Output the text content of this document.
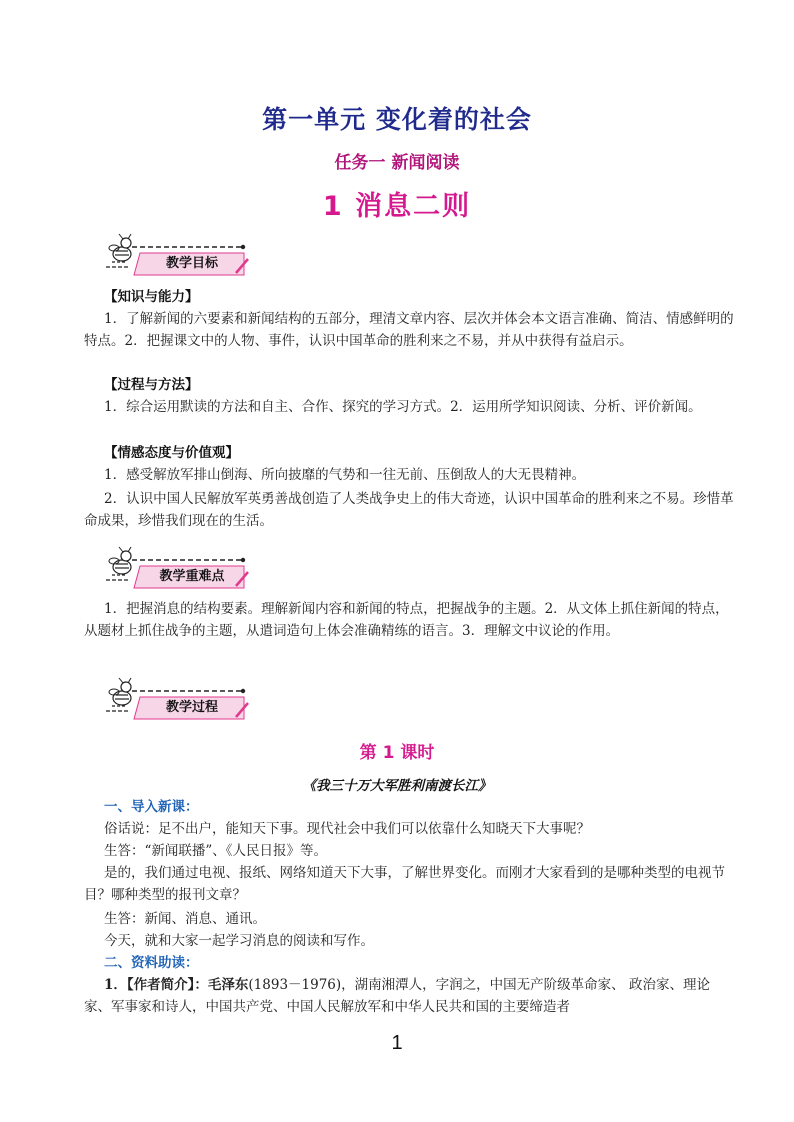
第一单元 变化着的社会
任务一 新闻阅读
1 消息二则
教学目标
【知识与能力】
1．了解新闻的六要素和新闻结构的五部分，理清文章内容、层次并体会本文语言准确、简洁、情感鲜明的特点。2．把握课文中的人物、事件，认识中国革命的胜利来之不易，并从中获得有益启示。
【过程与方法】
1．综合运用默读的方法和自主、合作、探究的学习方式。2．运用所学知识阅读、分析、评价新闻。
【情感态度与价值观】
1．感受解放军排山倒海、所向披靡的气势和一往无前、压倒敌人的大无畏精神。
2．认识中国人民解放军英勇善战创造了人类战争史上的伟大奇迹，认识中国革命的胜利来之不易。珍惜革命成果，珍惜我们现在的生活。
教学重难点
1．把握消息的结构要素。理解新闻内容和新闻的特点，把握战争的主题。2．从文体上抓住新闻的特点，从题材上抓住战争的主题，从遣词造句上体会准确精练的语言。3．理解文中议论的作用。
教学过程
第 1 课时
《我三十万大军胜利南渡长江》
一、导入新课：
俗话说：足不出户，能知天下事。现代社会中我们可以依靠什么知晓天下大事呢？
生答：“新闻联播”、《人民日报》等。
是的，我们通过电视、报纸、网络知道天下大事，了解世界变化。而刚才大家看到的是哪种类型的电视节目？哪种类型的报刊文章？
生答：新闻、消息、通讯。
今天，就和大家一起学习消息的阅读和写作。
二、资料助读：
1．【作者简介】：毛泽东(1893－1976)，湖南湘潭人，字润之，中国无产阶级革命家、 政治家、理论家、军事家和诗人，中国共产党、中国人民解放军和中华人民共和国的主要缔造者
1
